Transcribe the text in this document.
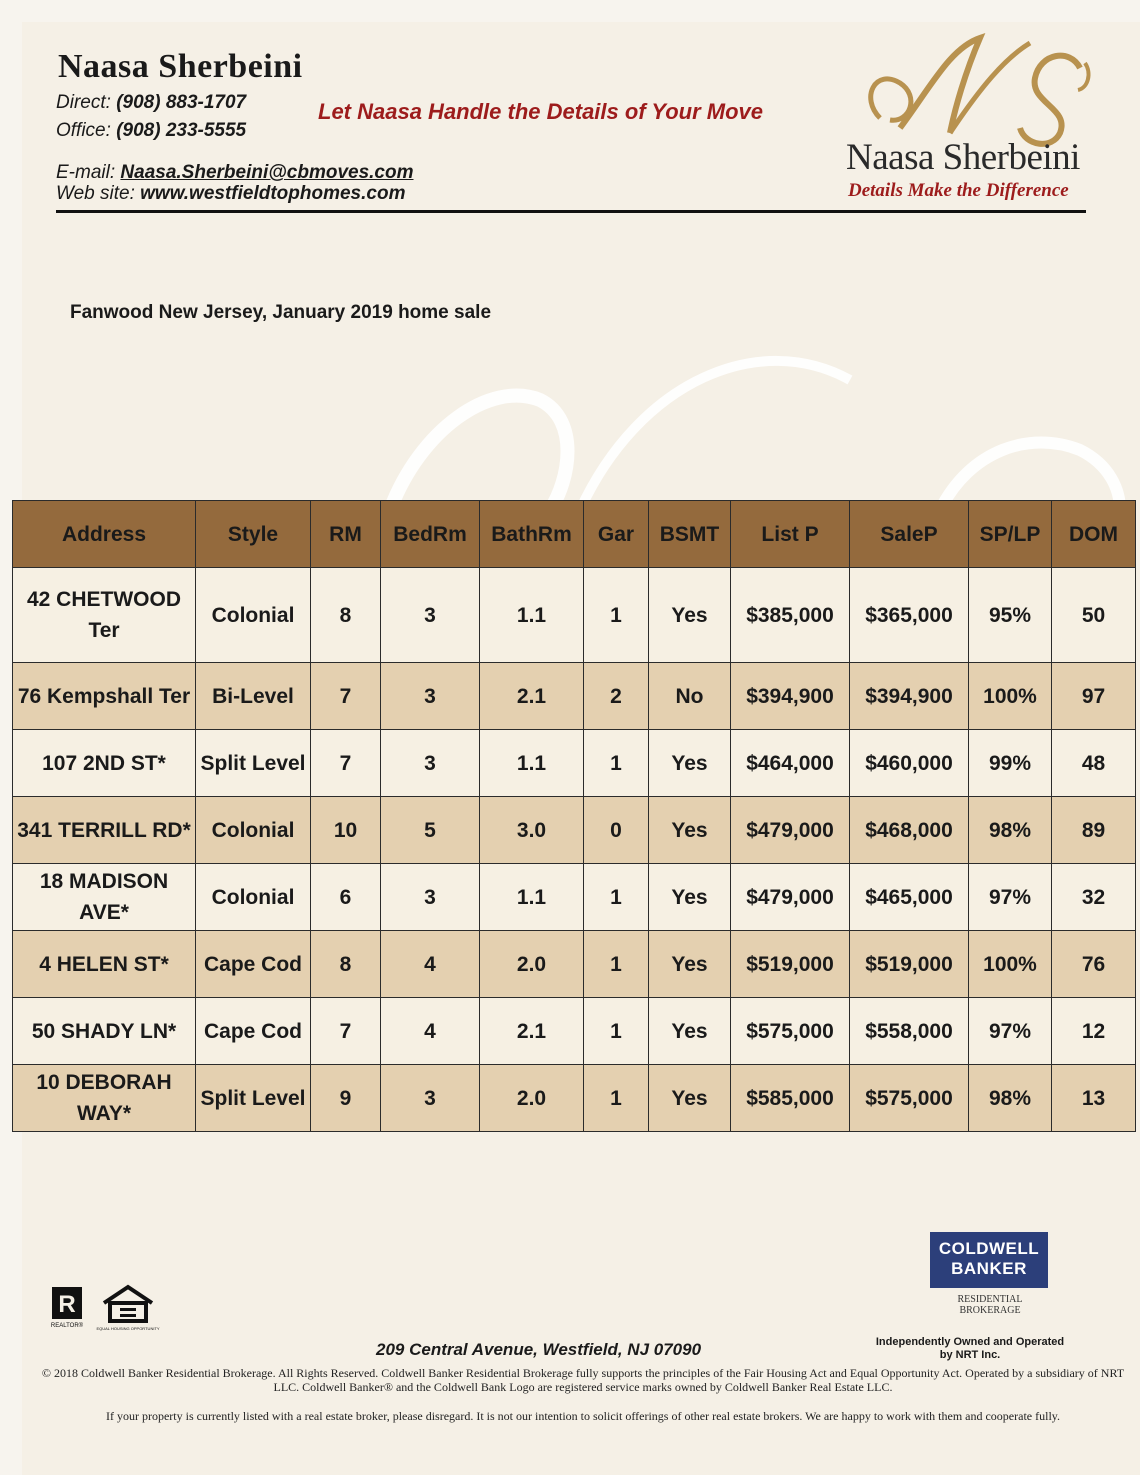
Naasa Sherbeini
Direct: (908) 883-1707
Office: (908) 233-5555
E-mail: Naasa.Sherbeini@cbmoves.com
Web site: www.westfieldtophomes.com
Let Naasa Handle the Details of Your Move
Naasa Sherbeini
Details Make the Difference
Fanwood New Jersey, January 2019 home sale
Address	Style	RM	BedRm	BathRm	Gar	BSMT	List P	SaleP	SP/LP	DOM
42 CHETWOOD Ter	Colonial	8	3	1.1	1	Yes	$385,000	$365,000	95%	50
76 Kempshall Ter	Bi-Level	7	3	2.1	2	No	$394,900	$394,900	100%	97
107 2ND ST*	Split Level	7	3	1.1	1	Yes	$464,000	$460,000	99%	48
341 TERRILL RD*	Colonial	10	5	3.0	0	Yes	$479,000	$468,000	98%	89
18 MADISON AVE*	Colonial	6	3	1.1	1	Yes	$479,000	$465,000	97%	32
4 HELEN ST*	Cape Cod	8	4	2.0	1	Yes	$519,000	$519,000	100%	76
50 SHADY LN*	Cape Cod	7	4	2.1	1	Yes	$575,000	$558,000	97%	12
10 DEBORAH WAY*	Split Level	9	3	2.0	1	Yes	$585,000	$575,000	98%	13
COLDWELL
BANKER
RESIDENTIAL BROKERAGE
R
REALTOR®	EQUAL HOUSING OPPORTUNITY
Independently Owned and Operated
by NRT Inc.
209 Central Avenue, Westfield, NJ 07090
© 2018 Coldwell Banker Residential Brokerage. All Rights Reserved. Coldwell Banker Residential Brokerage fully supports the principles of the Fair Housing Act and Equal Opportunity Act. Operated by a subsidiary of NRT LLC. Coldwell Banker® and the Coldwell Bank Logo are registered service marks owned by Coldwell Banker Real Estate LLC.
If your property is currently listed with a real estate broker, please disregard. It is not our intention to solicit offerings of other real estate brokers. We are happy to work with them and cooperate fully.
